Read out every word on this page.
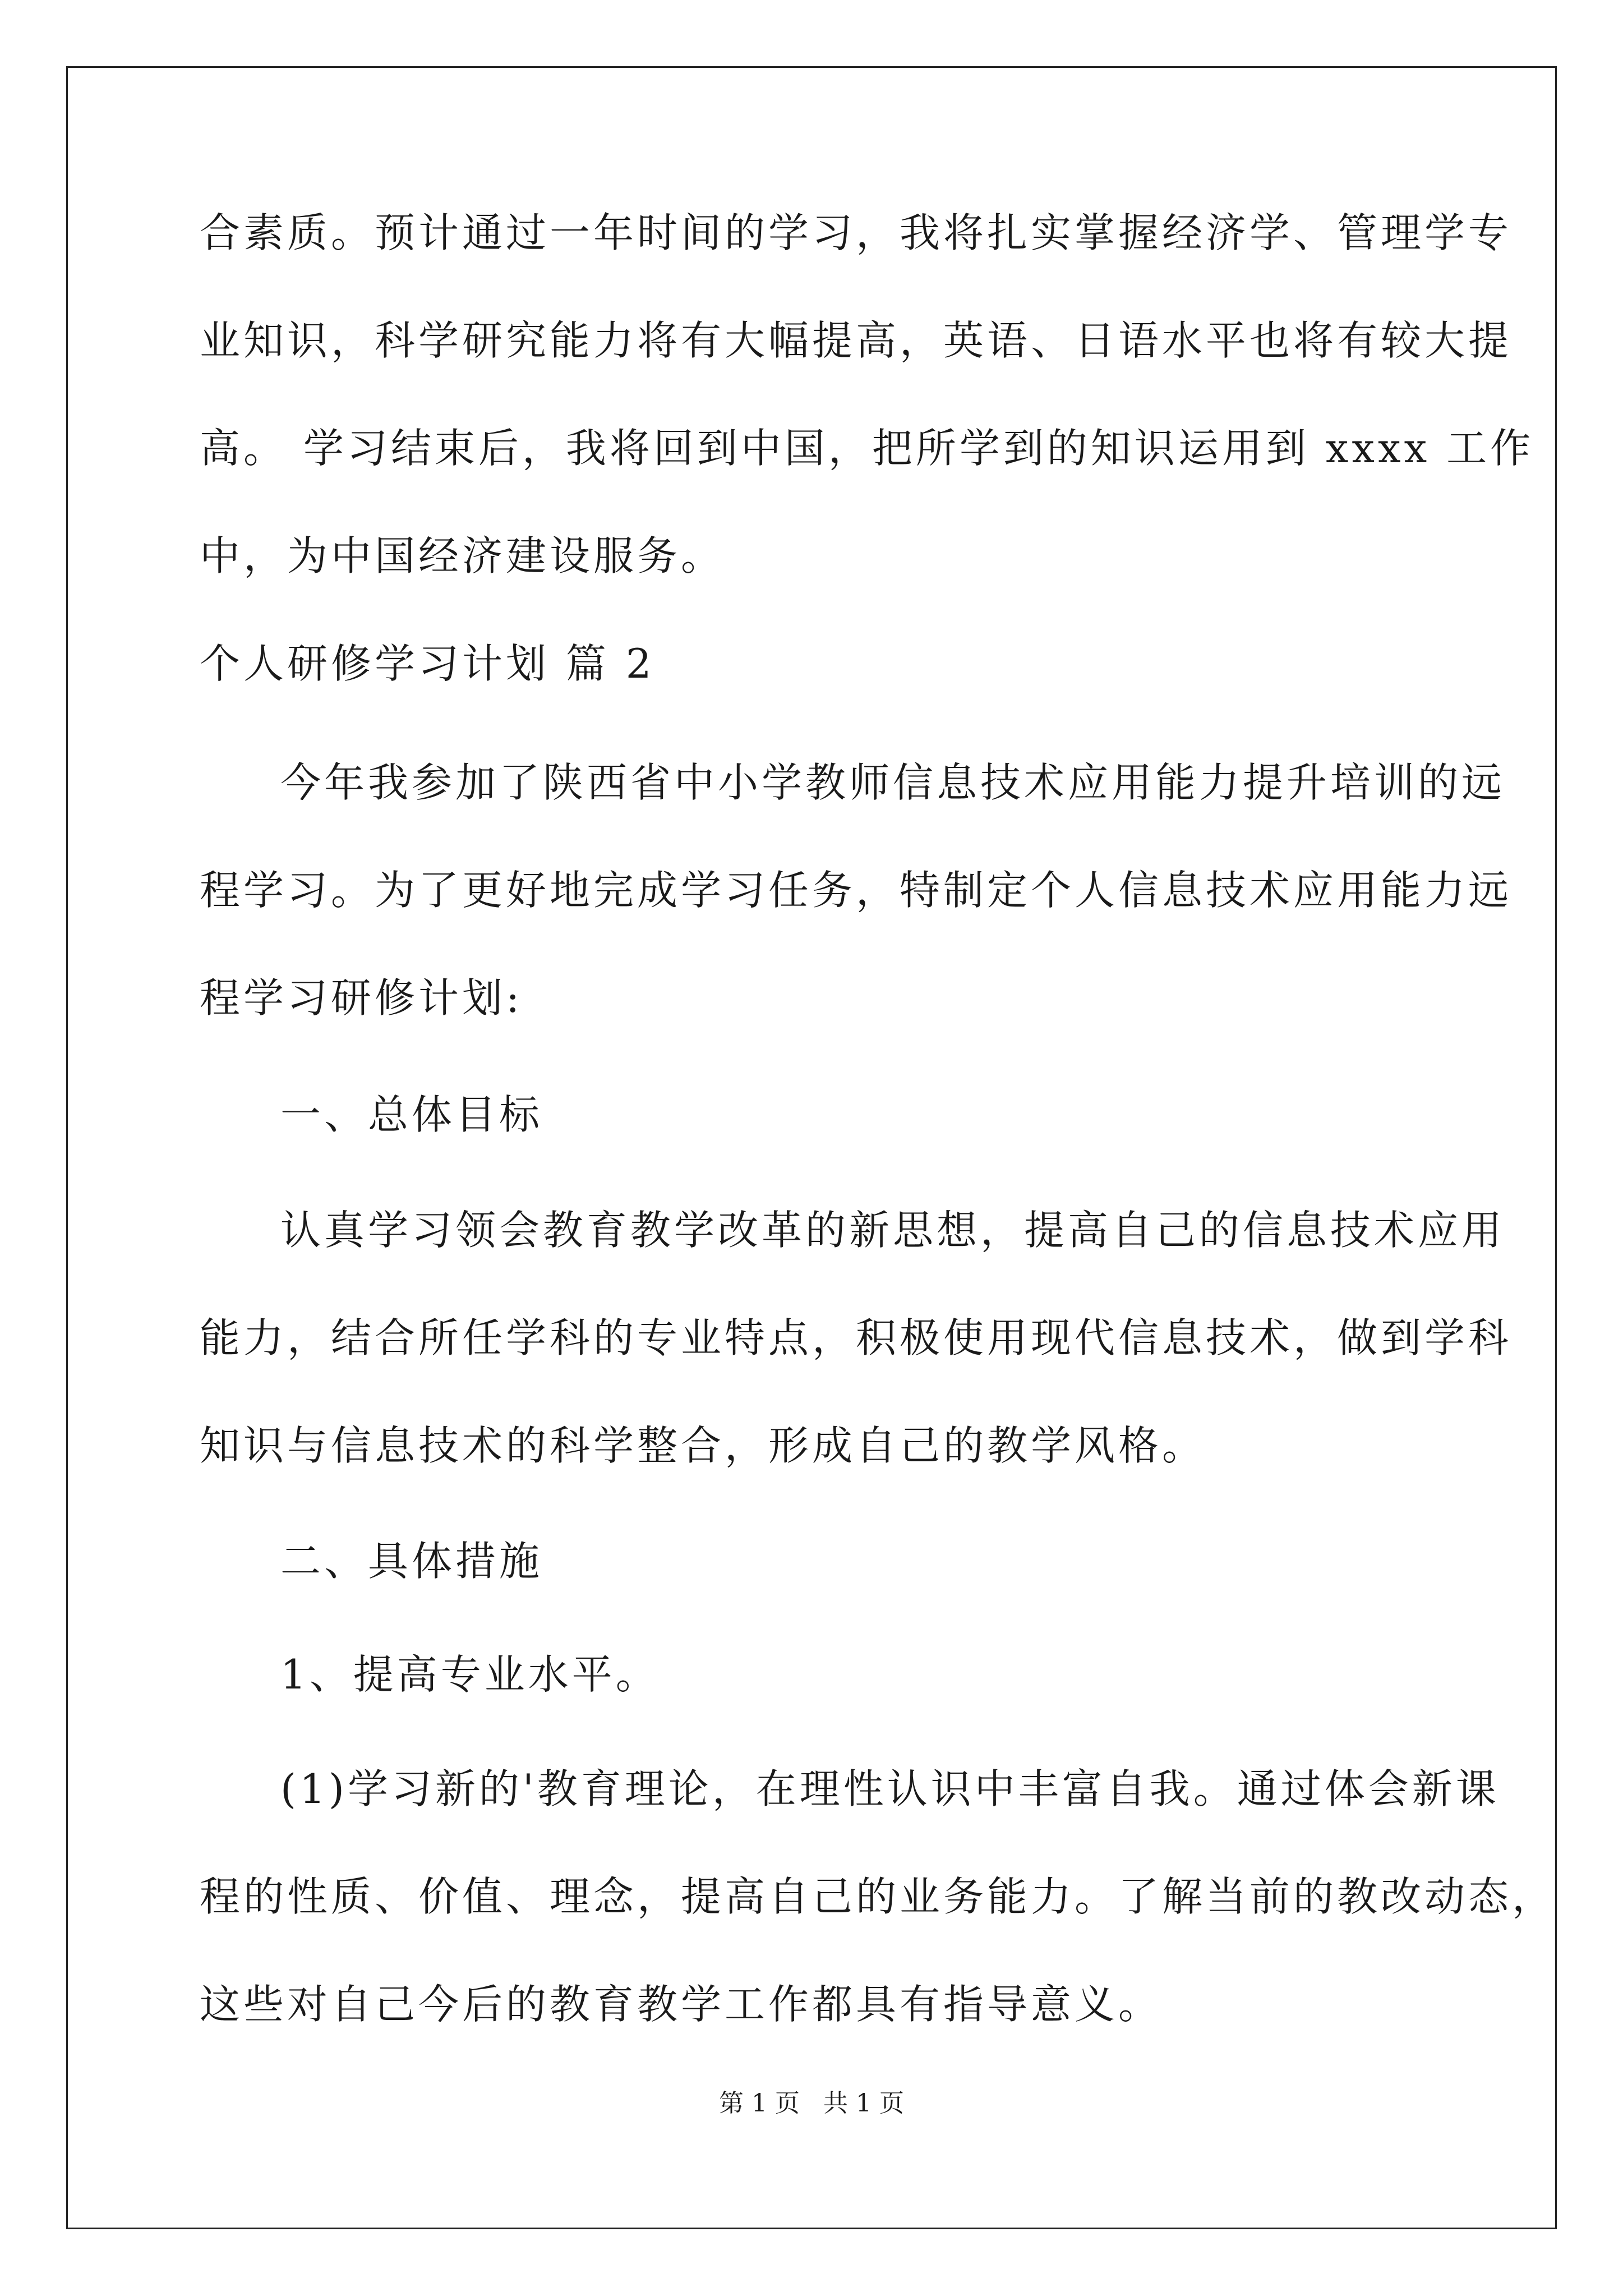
合素质。预计通过一年时间的学习，我将扎实掌握经济学、管理学专
业知识，科学研究能力将有大幅提高，英语、日语水平也将有较大提
高。 学习结束后，我将回到中国，把所学到的知识运用到 xxxx 工作
中，为中国经济建设服务。
个人研修学习计划 篇 2
今年我参加了陕西省中小学教师信息技术应用能力提升培训的远
程学习。为了更好地完成学习任务，特制定个人信息技术应用能力远
程学习研修计划:
一、总体目标
认真学习领会教育教学改革的新思想，提高自己的信息技术应用
能力，结合所任学科的专业特点，积极使用现代信息技术，做到学科
知识与信息技术的科学整合，形成自己的教学风格。
二、具体措施
1、提高专业水平。
(1)学习新的'教育理论，在理性认识中丰富自我。通过体会新课
程的性质、价值、理念，提高自己的业务能力。了解当前的教改动态，
这些对自己今后的教育教学工作都具有指导意义。
第 1 页   共 1 页
